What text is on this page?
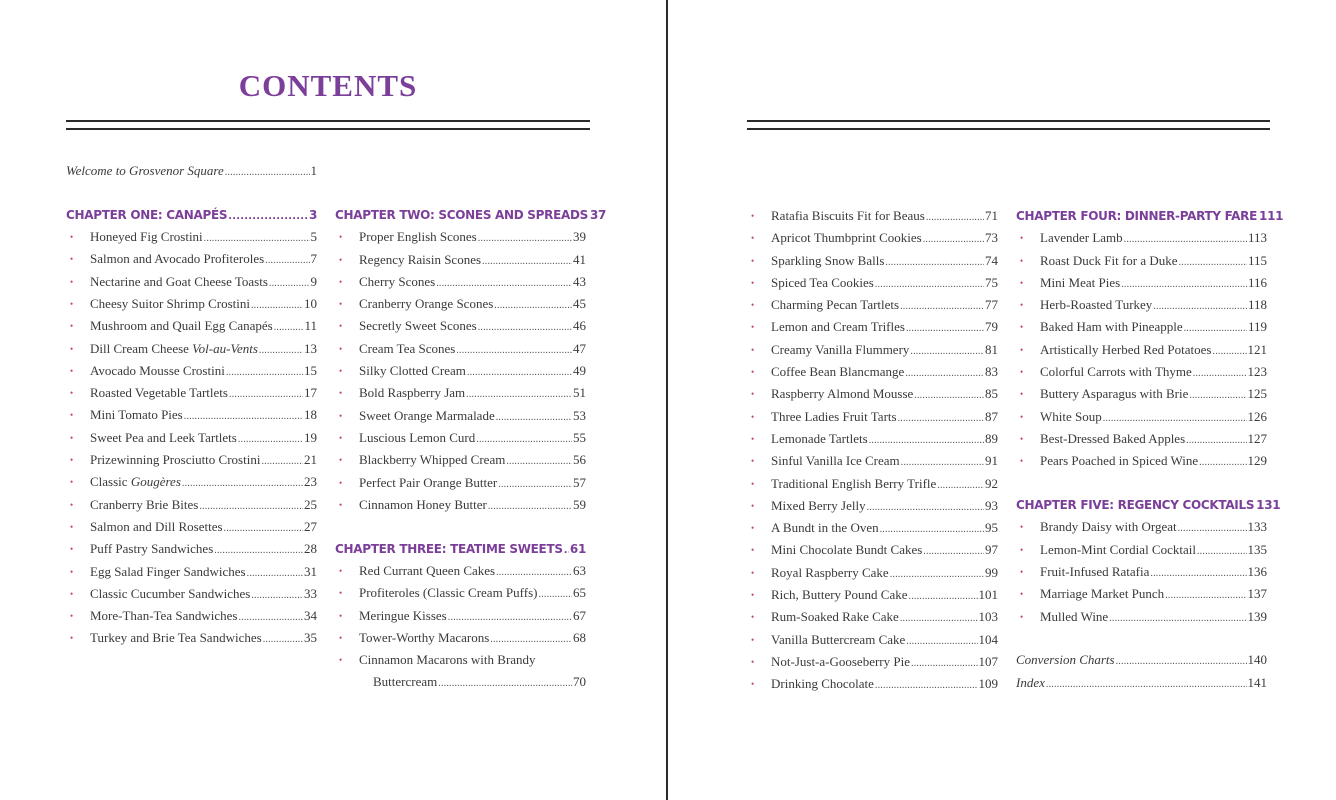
CONTENTS
Welcome to Grosvenor Square .....	1
CHAPTER ONE: CANAPÉS .....	3
• Honeyed Fig Crostini .....	5
• Salmon and Avocado Profiteroles .....	7
• Nectarine and Goat Cheese Toasts .....	9
• Cheesy Suitor Shrimp Crostini .....	10
• Mushroom and Quail Egg Canapés ..... 11
• Dill Cream Cheese Vol-au-Vents .....	13
• Avocado Mousse Crostini .....	15
• Roasted Vegetable Tartlets .....	17
• Mini Tomato Pies .....	18
• Sweet Pea and Leek Tartlets .....	19
• Prizewinning Prosciutto Crostini .....	21
• Classic Gougères .....	23
• Cranberry Brie Bites .....	25
• Salmon and Dill Rosettes .....	27
• Puff Pastry Sandwiches .....	28
• Egg Salad Finger Sandwiches .....	31
• Classic Cucumber Sandwiches .....	33
• More-Than-Tea Sandwiches .....	34
• Turkey and Brie Tea Sandwiches .....	35
CHAPTER TWO: SCONES AND SPREADS 37
• Proper English Scones .....	39
• Regency Raisin Scones .....	41
• Cherry Scones .....	43
• Cranberry Orange Scones .....	45
• Secretly Sweet Scones .....	46
• Cream Tea Scones .....	47
• Silky Clotted Cream .....	49
• Bold Raspberry Jam .....	51
• Sweet Orange Marmalade .....	53
• Luscious Lemon Curd .....	55
• Blackberry Whipped Cream .....	56
• Perfect Pair Orange Butter .....	57
• Cinnamon Honey Butter .....	59
CHAPTER THREE: TEATIME SWEETS ..... 61
• Red Currant Queen Cakes .....	63
• Profiteroles (Classic Cream Puffs) .....	65
• Meringue Kisses .....	67
• Tower-Worthy Macarons .....	68
• Cinnamon Macarons with Brandy
Buttercream .....	70
• Ratafia Biscuits Fit for Beaus .....	71
• Apricot Thumbprint Cookies .....	73
• Sparkling Snow Balls .....	74
• Spiced Tea Cookies .....	75
• Charming Pecan Tartlets .....	77
• Lemon and Cream Trifles .....	79
• Creamy Vanilla Flummery .....	81
• Coffee Bean Blancmange .....	83
• Raspberry Almond Mousse .....	85
• Three Ladies Fruit Tarts .....	87
• Lemonade Tartlets .....	89
• Sinful Vanilla Ice Cream .....	91
• Traditional English Berry Trifle .....	92
• Mixed Berry Jelly .....	93
• A Bundt in the Oven .....	95
• Mini Chocolate Bundt Cakes .....	97
• Royal Raspberry Cake .....	99
• Rich, Buttery Pound Cake .....	101
• Rum-Soaked Rake Cake .....	103
• Vanilla Buttercream Cake .....	104
• Not-Just-a-Gooseberry Pie .....	107
• Drinking Chocolate .....	109
CHAPTER FOUR: DINNER-PARTY FARE 111
• Lavender Lamb .....	113
• Roast Duck Fit for a Duke .....	115
• Mini Meat Pies .....	116
• Herb-Roasted Turkey .....	118
• Baked Ham with Pineapple .....	119
• Artistically Herbed Red Potatoes .....	121
• Colorful Carrots with Thyme .....	123
• Buttery Asparagus with Brie .....	125
• White Soup .....	126
• Best-Dressed Baked Apples .....	127
• Pears Poached in Spiced Wine .....	129
CHAPTER FIVE: REGENCY COCKTAILS 131
• Brandy Daisy with Orgeat .....	133
• Lemon-Mint Cordial Cocktail .....	135
• Fruit-Infused Ratafia .....	136
• Marriage Market Punch .....	137
• Mulled Wine .....	139
Conversion Charts .....	140
Index .....	141
